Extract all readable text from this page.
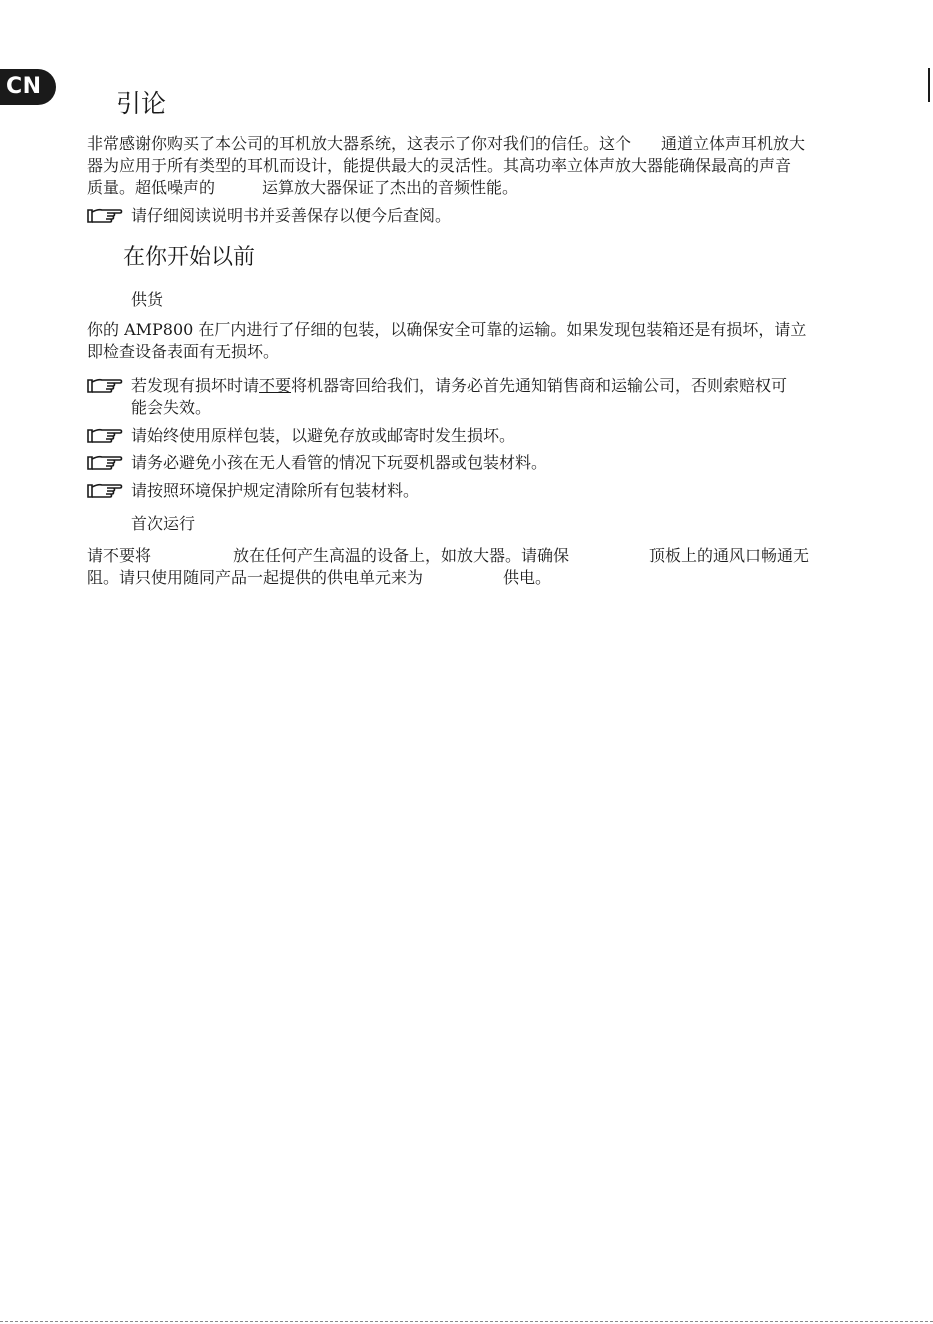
CN
引论
非常感谢你购买了本公司的耳机放大器系统，这表示了你对我们的信任。这个 通道立体声耳机放大
器为应用于所有类型的耳机而设计，能提供最大的灵活性。其高功率立体声放大器能确保最高的声音
质量。超低噪声的	运算放大器保证了杰出的音频性能。
请仔细阅读说明书并妥善保存以便今后查阅。
在你开始以前
供货
你的 AMP800 在厂内进行了仔细的包装，以确保安全可靠的运输。如果发现包装箱还是有损坏，请立
即检查设备表面有无损坏。
若发现有损坏时请不要将机器寄回给我们，请务必首先通知销售商和运输公司，否则索赔权可
能会失效。
请始终使用原样包装，以避免存放或邮寄时发生损坏。
请务必避免小孩在无人看管的情况下玩耍机器或包装材料。
请按照环境保护规定清除所有包装材料。
首次运行
请不要将	放在任何产生高温的设备上，如放大器。请确保	顶板上的通风口畅通无
阻。请只使用随同产品一起提供的供电单元来为	供电。
